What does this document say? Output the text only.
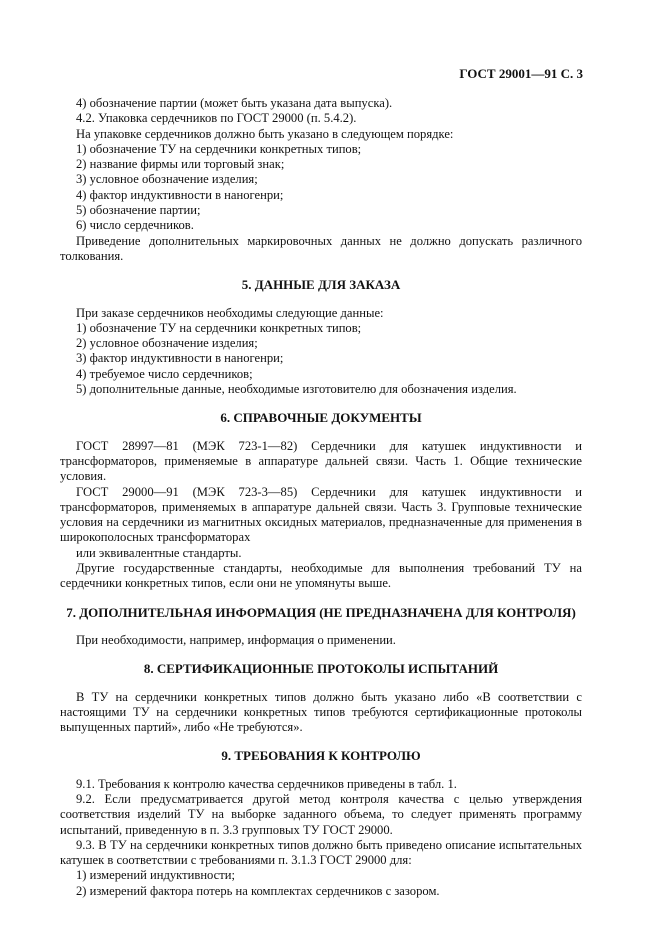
ГОСТ 29001—91 С. 3

4) обозначение партии (может быть указана дата выпуска).

4.2. Упаковка сердечников по ГОСТ 29000 (п. 5.4.2).

На упаковке сердечников должно быть указано в следующем порядке:

1) обозначение ТУ на сердечники конкретных типов;

2) название фирмы или торговый знак;

3) условное обозначение изделия;

4) фактор индуктивности в наногенри;

5) обозначение партии;

6) число сердечников.

Приведение дополнительных маркировочных данных не должно допускать различного толкования.

5. ДАННЫЕ ДЛЯ ЗАКАЗА

При заказе сердечников необходимы следующие данные:

1) обозначение ТУ на сердечники конкретных типов;

2) условное обозначение изделия;

3) фактор индуктивности в наногенри;

4) требуемое число сердечников;

5) дополнительные данные, необходимые изготовителю для обозначения изделия.

6. СПРАВОЧНЫЕ ДОКУМЕНТЫ

ГОСТ 28997—81 (МЭК 723-1—82) Сердечники для катушек индуктивности и трансформаторов, применяемые в аппаратуре дальней связи. Часть 1. Общие технические условия.

ГОСТ 29000—91 (МЭК 723-3—85) Сердечники для катушек индуктивности и трансформаторов, применяемых в аппаратуре дальней связи. Часть 3. Групповые технические условия на сердечники из магнитных оксидных материалов, предназначенные для применения в широкополосных трансформаторах

или эквивалентные стандарты.

Другие государственные стандарты, необходимые для выполнения требований ТУ на сердечники конкретных типов, если они не упомянуты выше.

7. ДОПОЛНИТЕЛЬНАЯ ИНФОРМАЦИЯ (НЕ ПРЕДНАЗНАЧЕНА ДЛЯ КОНТРОЛЯ)

При необходимости, например, информация о применении.

8. СЕРТИФИКАЦИОННЫЕ ПРОТОКОЛЫ ИСПЫТАНИЙ

В ТУ на сердечники конкретных типов должно быть указано либо «В соответствии с настоящими ТУ на сердечники конкретных типов требуются сертификационные протоколы выпущенных партий», либо «Не требуются».

9. ТРЕБОВАНИЯ К КОНТРОЛЮ

9.1. Требования к контролю качества сердечников приведены в табл. 1.

9.2. Если предусматривается другой метод контроля качества с целью утверждения соответствия изделий ТУ на выборке заданного объема, то следует применять программу испытаний, приведенную в п. 3.3 групповых ТУ ГОСТ 29000.

9.3. В ТУ на сердечники конкретных типов должно быть приведено описание испытательных катушек в соответствии с требованиями п. 3.1.3 ГОСТ 29000 для:

1) измерений индуктивности;

2) измерений фактора потерь на комплектах сердечников с зазором.
